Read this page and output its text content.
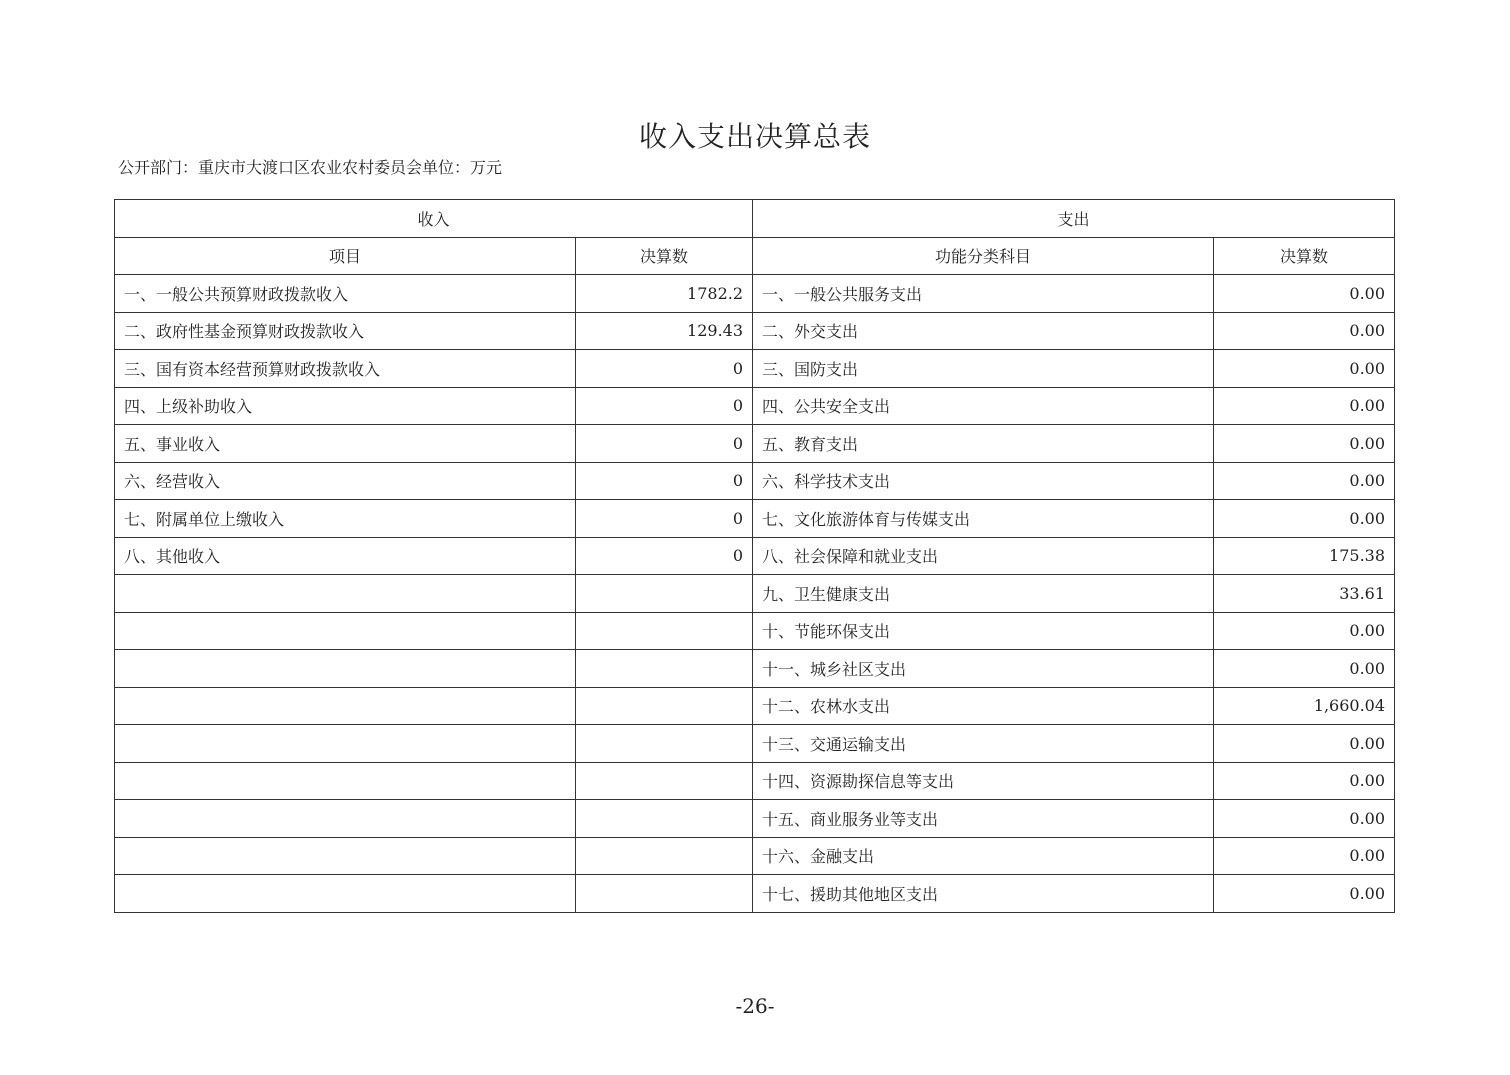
收入支出决算总表
公开部门：重庆市大渡口区农业农村委员会单位：万元
收入		支出	
项目	决算数	功能分类科目	决算数
一、一般公共预算财政拨款收入	1782.2	一、一般公共服务支出	0.00
二、政府性基金预算财政拨款收入	129.43	二、外交支出	0.00
三、国有资本经营预算财政拨款收入	0	三、国防支出	0.00
四、上级补助收入	0	四、公共安全支出	0.00
五、事业收入	0	五、教育支出	0.00
六、经营收入	0	六、科学技术支出	0.00
七、附属单位上缴收入	0	七、文化旅游体育与传媒支出	0.00
八、其他收入	0	八、社会保障和就业支出	175.38
		九、卫生健康支出	33.61
		十、节能环保支出	0.00
		十一、城乡社区支出	0.00
		十二、农林水支出	1,660.04
		十三、交通运输支出	0.00
		十四、资源勘探信息等支出	0.00
		十五、商业服务业等支出	0.00
		十六、金融支出	0.00
		十七、援助其他地区支出	0.00
-26-
